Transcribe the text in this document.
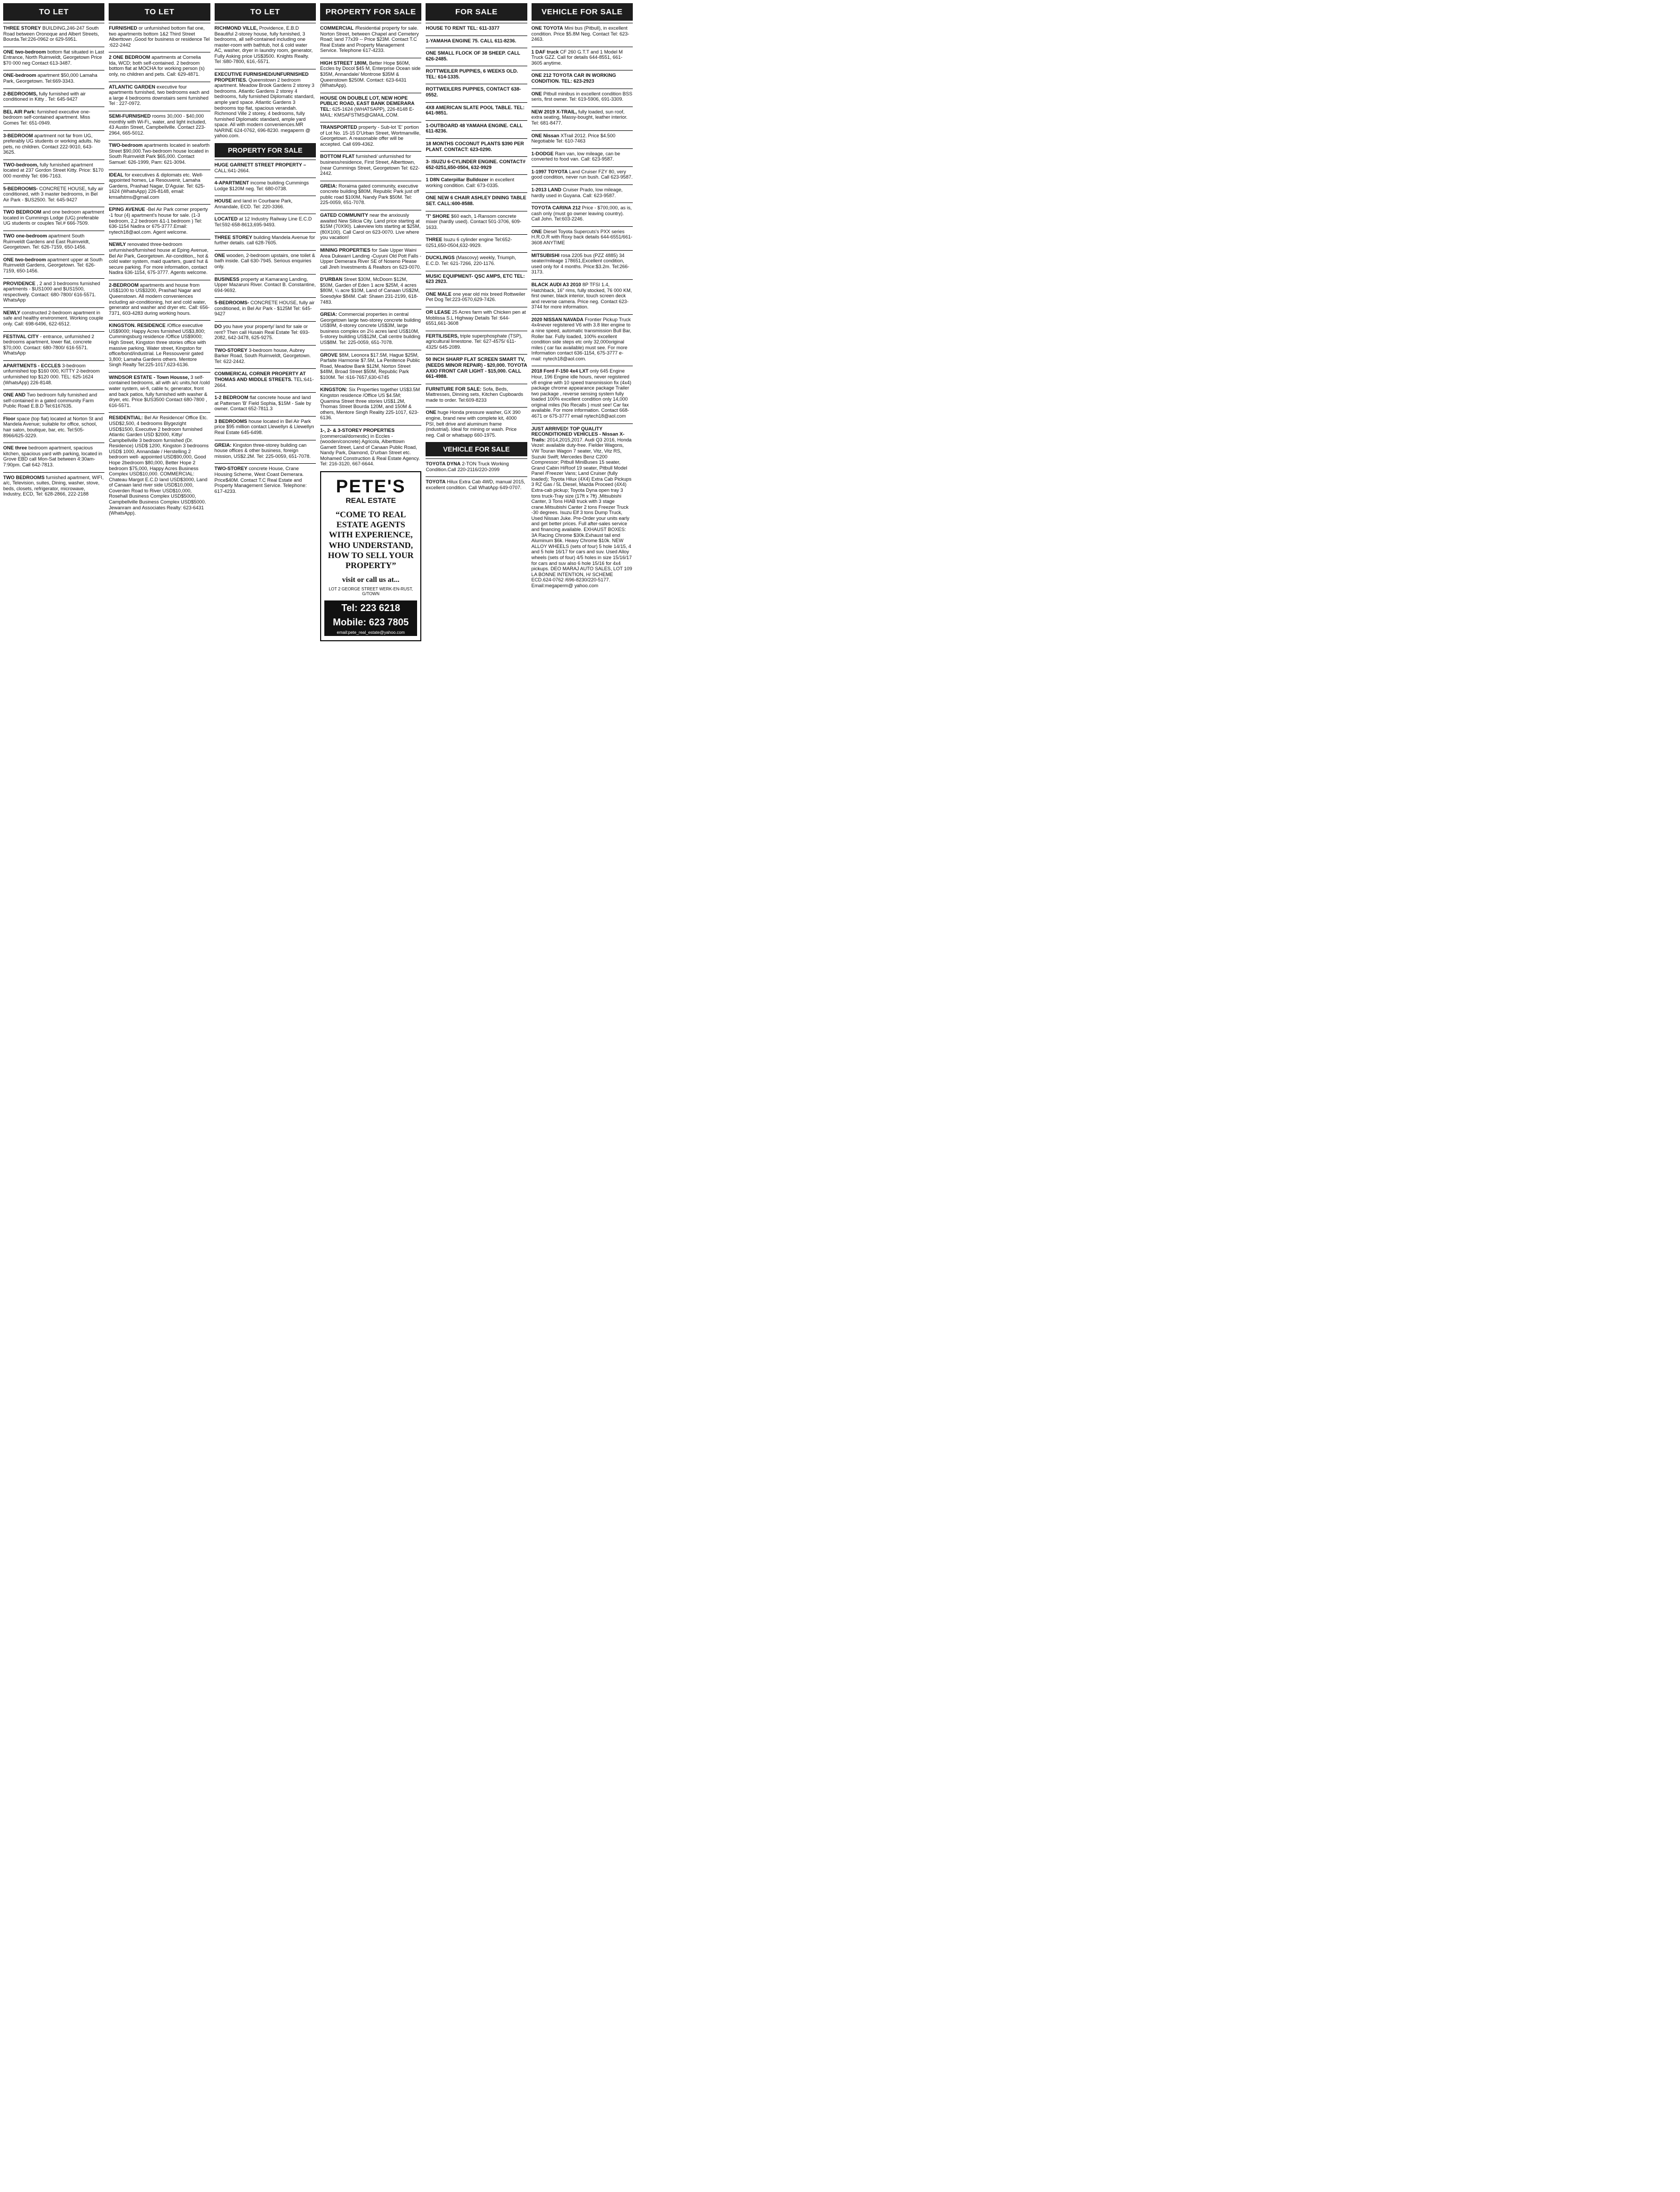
TO LET
THREE STOREY BUILDING,246-247 South Road between Oronoque and Albert Streets, Bourda.Tel:226-0962 or 629-5951.
ONE two-bedroom bottom flat situated in Last Entrance, North Ruimveldt, Georgetown Price $70 000 neg Contact 613-3487.
ONE-bedroom apartment $50,000 Lamaha Park, Georgetown. Tel:669-3343.
2-BEDROOMS, fully furnished with air conditioned in Kitty . Tel: 645-9427
BEL AIR Park: furnished executive one-bedroom self-contained apartment. Miss Gomes Tel: 651-0949.
3-BEDROOM apartment not far from UG, preferably UG students or working adults. No pets, no children. Contact 222-9010, 643-3625.
TWO-bedroom, fully furnished apartment located at 237 Gordon Street Kitty. Price: $170 000 monthly Tel: 696-7163.
5-BEDROOMS- CONCRETE HOUSE, fully air conditioned, with 3 master bedrooms, in Bel Air Park - $US2500. Tel: 645-9427
TWO BEDROOM and one bedroom apartment located in Cummings Lodge (UG) preferable UG students or couples Tel.# 666-7509.
TWO one-bedroom apartment South Ruimveldt Gardens and East Ruimveldt, Georgetown. Tel: 626-7159, 650-1456.
ONE two-bedroom apartment upper at South Ruimveldt Gardens, Georgetown. Tel: 626-7159, 650-1456.
PROVIDENCE , 2 and 3 bedrooms furnished apartments - $US1000 and $US1500, respectively. Contact: 680-7800/ 616-5571. WhatsApp
NEWLY constructed 2-bedroom apartment in safe and healthy environment. Working couple only. Call: 698-6496, 622-6512.
FESTIVAL CITY - entrance, unfurnished 2 bedrooms apartment, lower flat, concrete $70,000. Contact: 680-7800/ 616-5571. WhatsApp
APARTMENTS - ECCLES 3-bedroom unfurnished top $160 000, KITTY 2-bedroom unfurnished top $120 000. TEL: 625-1624 (WhatsApp) 226-8148.
ONE AND Two bedroom fully furnished and self-contained in a gated community Farm Public Road E.B.D Tel:6167635.
Floor space (top flat) located at Norton St and Mandela Avenue; suitable for office, school, hair salon, boutique, bar, etc. Tel:505-8966/625-3229.
ONE three bedroom apartment, spacious kitchen, spacious yard with parking, located in Grove EBD call Mon-Sat between 4:30am-7:90pm. Call 642-7813.
TWO BEDROOMS furnished apartment, WIFI, a/c, Television, suites, Dining, washer, stove, beds, closets, refrigerator, microwave, Industry, ECD, Tel: 628-2866, 222-2188
TO LET
FURNISHED or unfurnished bottom flat one, two apartments bottom 1&2 Third Street Alberttown ,Good for business or residence Tel :622-2442
2 ONE BEDROOM apartments at Cornelia Ida, WCD; both self-contained. 2 bedroom bottom flat at MOCHA for working person (s) only, no children and pets. Call: 629-4871.
ATLANTIC GARDEN executive four apartments furnished, two bedrooms each and a large 4 bedrooms downstairs semi furnished Tel : 227-0972.
SEMI-FURNISHED rooms 30,000 - $40,000 monthly with Wi-Fi,, water, and light included, 43 Austin Street, Campbellville. Contact 223-2964, 665-5012.
TWO-bedroom apartments located in seaforth Street $90,000.Two-bedroom house located in South Ruimveldt Park $65,000. Contact Samuel: 626-1999, Pam: 621-3094.
IDEAL for executives & diplomats etc. Well-appointed homes, Le Resouvenir, Lamaha Gardens, Prashad Nagar, D'Aguiar. Tel: 625-1624 (WhatsApp) 226-8148, email: kmsafstms@gmail.com
EPING AVENUE -Bel Air Park corner property -1 four (4) apartment's house for sale. (1-3 bedroom, 2,2 bedroom &1-1 bedroom ) Tel: 636-1154 Nadira or 675-3777.Email: nytech18@aol.com. Agent welcome.
NEWLY renovated three-bedroom unfurnished/furnished house at Eping Avenue, Bel Air Park, Georgetown. Air-condition,, hot & cold water system, maid quarters, guard hut & secure parking. For more information, contact Nadira 636-1154, 675-3777. Agents welcome.
2-BEDROOM apartments and house from US$1100 to US$3200, Prashad Nagar and Queenstown. All modern conveniences including air-conditioning, hot and cold water, generator and washer and dryer etc. Call: 656-7371, 603-4283 during working hours.
KINGSTON. RESIDENCE /Office executive US$9000; Happy Acres furnished US$3,800; Cummingsburg residence /Office US$9000; High Street, Kingston three stories office with massive parking. Water street, Kingston for office/bond/industrial. Le Ressouvenir gated 3,800; Lamaha Gardens others. Mentore Singh Realty Tel:225-1017,623-6136.
WINDSOR ESTATE - Town Housse, 3 self-contained bedrooms, all with a/c units,hot /cold water system, wi-fi, cable tv, generator, front and back patios, fully furnished with washer & dryer, etc. Price $US3500 Contact 680-7800 , 616-5571.
RESIDENTIAL: Bel Air Residence/ Office Etc. USD$2,500, 4 bedrooms Blygezight USD$1500, Executive 2 bedroom furnished Atlantic Garden USD $2000, Kitty/ Campbellville 3 bedroom furnished (Dr. Residence) USD$ 1200, Kingston 3 bedrooms USD$ 1000, Annandale / Herstelling 2 bedroom well- appointed USD$90,000, Good Hope 2bedroom $80,000, Better Hope 2 bedroom $75,000, Happy Acres Business Complex USD$10,000. COMMERCIAL: Chateau Margot E.C.D land USD$3000, Land of Canaan land river side USD$10,000, Coverden Road to River USD$10,000, Rosehall Business Complex USD$5000, Campbellville Business Complex USD$5000. Jewanram and Associates Realty: 623-6431 (WhatsApp).
TO LET
RICHMOND VILLE, Providence, E.B.D Beautiful 2-storey house, fully furnished, 3 bedrooms, all self-contained including one master-room with bathtub, hot & cold water AC, washer, dryer in laundry room, generator, Fully Asking price US$3500. Knights Realty. Tel :680-7800, 616,-5571.
EXECUTIVE FURNISHED/UNFURNISHED PROPERTIES. Queenstown 2 bedroom apartment. Meadow Brook Gardens 2 storey 3 bedrooms. Atlantic Gardens 2 storey 4 bedrooms, fully furnished Diplomatic standard, ample yard space. Atlantic Gardens 3 bedrooms top flat, spacious verandah. Richmond Ville 2 storey, 4 bedrooms, fully furnished Diplomatic standard, ample yard space. All with modern conveniences.MR NARINE 624-0762, 696-8230. megaperm @ yahoo.com.
PROPERTY FOR SALE
HUGE GARNETT STREET PROPERTY – CALL:641-2664.
4-APARTMENT income building Cummings Lodge $120M neg. Tel: 680-0738.
HOUSE and land in Courbane Park, Annandale, ECD. Tel: 220-3366.
LOCATED at 12 Industry Railway Line E.C.D Tel:592-658-8613,695-9493.
THREE STOREY building Mandela Avenue for further details. call 628-7605.
ONE wooden, 2-bedroom upstairs, one toilet & bath inside. Call 630-7945. Serious enquiries only.
BUSINESS property at Kamarang Landing, Upper Mazaruni River. Contact B. Constantine, 694-9692.
5-BEDROOMS- CONCRETE HOUSE, fully air conditioned, in Bel Air Park - $125M Tel: 645-9427
DO you have your property/ land for sale or rent? Then call Husain Real Estate Tel: 693-2082, 642-3478, 625-9275.
TWO-STOREY 3-bedroom house, Aubrey Barker Road, South Ruimveldt, Georgetown. Tel: 622-2442.
COMMERICAL CORNER PROPERTY AT THOMAS AND MIDDLE STREETS. TEL:641-2664.
1-2 BEDROOM flat concrete house and land at Pattersen 'B' Field Sophia, $15M - Sale by owner. Contact 652-7811.3
3 BEDROOMS house located in Bel Air Park price $95 million contact Llewellyn & Llewellyn Real Estate 645-6498.
GREIA: Kingston three-storey building can house offices & other business, foreign mission, US$2.2M. Tel: 225-0059, 651-7078.
TWO-STOREY concrete House, Crane Housing Scheme, West Coast Demerara. Price$40M. Contact T.C Real Estate and Property Management Service. Telephone: 617-4233.
PROPERTY FOR SALE
COMMERCIAL /Residential property for sale. Norton Street, between Chapel and Cemetery Road; land 77x39 -- Price $23M. Contact T.C Real Estate and Property Management Service. Telephone 617-4233.
HIGH STREET 180M, Better Hope $60M, Eccles by Docol $45 M, Enterprise Ocean side $35M, Annandale/ Montrose $35M & Queenstown $250M. Contact: 623-6431 (WhatsApp).
HOUSE ON DOUBLE LOT, NEW HOPE PUBLIC ROAD, EAST BANK DEMERARA TEL: 625-1624 (WHATSAPP), 226-8148 E-MAIL: KMSAFSTMS@GMAIL.COM.
TRANSPORTED property - Sub-lot 'E' portion of Lot No. 15-15 D'Urban Street, Wortmanville, Georgetown. A reasonable offer will be accepted. Call 699-4362.
BOTTOM FLAT furnished/ unfurnished for business/residence, First Street, Alberttown, (near Cummings Street, Georgetown Tel: 622-2442.
GREIA: Roraima gated community, executive concrete building $80M, Republic Park just off public road $100M, Nandy Park $50M. Tel: 225-0059, 651-7078.
GATED COMMUNITY near the anxiously awaited New Silicia City. Land price starting at $15M (70X90). Lakeview lots starting at $25M, (80X100). Call Carol on 623-0070. Live where you vacation!
MINING PROPERTIES for Sale Upper Waini Area Dukwarri Landing -Cuyuni Old Pott Falls - Upper Demerara River SE of Noseno Please call Jireh Investments & Realtors on 623-0070.
D'URBAN Street $30M, McDoom $12M, $50M, Garden of Eden 1 acre $25M, 4 acres $80M, ¼ acre $10M, Land of Canaan US$2M, Soesdyke $84M. Call: Shawn 231-2199, 618-7483.
GREIA: Commercial properties in central Georgetown large two-storey concrete building US$9M, 4-storey concrete US$3M, large business complex on 2½ acres land US$10M, 5-storey building US$12M, Call centre building US$8M. Tel: 225-0059, 651-7078.
GROVE $8M, Leonora $17.5M, Hague $25M, Parfaite Harmonie $7.5M, La Penitence Public Road, Meadow Bank $12M, Norton Street $48M, Broad Street $50M, Republic Park $100M. Tel :616-7657,630-6745
KINGSTON: Six Properties together US$3.5M Kingston residence /Office US $4.5M; Quamina Street three stories US$1.2M, Thomas Street Bourda 120M, and 150M & others, Mentore Singh Reality 225-1017, 623-6136.
1-, 2- & 3-STOREY PROPERTIES (commercial/domestic) in Eccles - (wooden/concrete) Agricola, Alberttown Garnett Street, Land of Canaan Public Road, Nandy Park, Diamond, D'urban Street etc. Mohamed Construction & Real Estate Agency. Tel: 216-3120, 667-6644.
PETE'S
REAL ESTATE
“COME TO REAL ESTATE AGENTS WITH EXPERIENCE, WHO UNDERSTAND, HOW TO SELL YOUR PROPERTY”
visit or call us at...
LOT 2 GEORGE STREET WERK-EN-RUST, G/TOWN
Tel: 223 6218
Mobile: 623 7805
email:pete_real_estate@yahoo.com
FOR SALE
HOUSE TO RENT TEL: 611-3377
1-YAMAHA ENGINE 75. CALL 611-8236.
ONE SMALL FLOCK OF 38 SHEEP. CALL 626-2485.
ROTTWEILER PUPPIES, 6 WEEKS OLD. TEL: 614-1335.
ROTTWEILERS PUPPIES, CONTACT 638-0552.
4X8 AMERICAN SLATE POOL TABLE. TEL: 641-9851.
1-OUTBOARD 48 YAMAHA ENGINE. CALL 611-8236.
18 MONTHS COCONUT PLANTS $390 PER PLANT. CONTACT: 623-0290.
3- ISUZU 6-CYLINDER ENGINE. CONTACT# 652-0251,650-0504, 632-9929
1 D8N Caterpillar Bulldozer in excellent working condition. Call: 673-0335.
ONE NEW 6 CHAIR ASHLEY DINING TABLE SET. CALL:600-8588.
'T' SHORE $60 each, 1-Ransom concrete mixer (hardly used). Contact 501-3706, 609-1633.
THREE Isuzu 6 cylinder engine Tel:652-0251,650-0504,632-9929.
DUCKLINGS (Mascovy) weekly, Triumph, E.C.D. Tel: 621-7266, 220-1176.
MUSIC EQUIPMENT- QSC AMPS, ETC TEL: 623 2923.
ONE MALE one year old mix breed Rottweiler Pet Dog Tel:223-0570,629-7426.
OR LEASE 25 Acres farm with Chicken pen at Moblissa S.L Highway Details Tel :644-6551,661-3608
FERTILISERS, triple superphosphate (TSP), agricultural limestone. Tel: 627-4575/ 611-4325/ 645-2089.
50 INCH SHARP FLAT SCREEN SMART TV, (NEEDS MINOR REPAIR) - $20,000. TOYOTA AXIO FRONT CAR LIGHT - $15,000. CALL 661-4988.
FURNITURE FOR SALE: Sofa, Beds, Mattresses, Dinning sets, Kitchen Cupboards made to order. Tel:609-8233
ONE huge Honda pressure washer, GX 390 engine, brand new with complete kit, 4000 PSI, belt drive and aluminum frame (industrial). Ideal for mining or wash. Price neg. Call or whatsapp 660-1975.
VEHICLE FOR SALE
TOYOTA DYNA 2-TON Truck Working Condition.Call 220-2116/220-2099
TOYOTA Hilux Extra Cab 4WD, manual 2015, excellent condition. Call WhatApp 649-0707.
VEHICLE FOR SALE
ONE TOYOTA Mini bus (Pitbull), in excellent condition. Price $5.8M Neg. Contact Tel: 623-2463.
1 DAF truck CF 260 G.T.T and 1 Model M Truck GZZ. Call for details 644-8551, 661-3605 anytime.
ONE 212 TOYOTA CAR IN WORKING CONDITION. TEL: 623-2923
ONE Pitbull minibus in excellent condition BSS seris, first owner. Tel: 619-5906, 691-3309.
NEW 2019 X-TRAIL, fully loaded, sun roof, extra seating, Massy-bought, leather interior. Tel: 681-8477.
ONE Nissan XTrail 2012. Price $4.500 Negotiable Tel: 610-7463
1-DODGE Ram van, low mileage, can be converted to food van. Call: 623-9587.
1-1997 TOYOTA Land Cruiser FZY 80, very good condition, never run bush. Call 623-9587.
1-2013 LAND Cruiser Prado, low mileage, hardly used in Guyana. Call: 623-9587.
TOYOTA CARINA 212 Price - $700,000, as is, cash only (must go owner leaving country). Call John. Tel:603-2246.
ONE Diesel Toyota Supercuts's PXX series H.R.O.R with Roxy back details 644-6551/661-3608 ANYTIME
MITSUBISHI rosa 2205 bus (PZZ 4885) 34 seater/mileage 178651,Excellent condition, used only for 4 months. Price:$3.2m. Tel:266-3173.
BLACK AUDI A3 2010 8P TFSI 1.4, Hatchback, 16" rims, fully stocked, 76 000 KM, first owner, black interior, touch screen deck and reverse camera. Price neg. Contact 623-3744 for more information.
2020 NISSAN NAVADA Frontier Pickup Truck 4x4never registered V6 with 3.8 liter engine to a nine speed, automatic transmission Bull Bar, Roller bar. Fully loaded, 100% excellent condition side steps etc only 32,000original miles ( car fax available) must see. For more Information contact 636-1154, 675-3777 e-mail: nytech18@aol.com.
2018 Ford F-150 4x4 LXT only 645 Engine Hour, 196 Engine idle hours, never registered v8 engine with 10 speed transmission fix (4x4) package chrome appearance package Trailer two package , reverse sensing system fully loaded 100% excellent condition only 14,000 original miles (No Recalls ) must see! Car fax available. For more information. Contact 668-4671 or 675-3777 email nytech18@aol.com
JUST ARRIVED! TOP QUALITY RECONDITIONED VEHICLES - Nissan X-Trails: 2014,2015,2017. Audi Q3 2016, Honda Vezel: available duty-free. Fielder Wagons, VW Touran Wagon 7 seater, Vitz, Vitz RS, Suzuki Swift; Mercedes Benz C200 Compressor; Pitbull MiniBuses 15 seater, Grand Cabin HiRoof 19 seater, Pitbull Model Panel /Freezer Vans; Land Cruiser (fully loaded); Toyota Hilux (4X4) Extra Cab Pickups 3 RZ Gas / 5L Diesel, Mazda Proceed (4X4) Extra-cab pickup; Toyota Dyna open tray 3 tons truck-Tray size (17ft x 7ft) ,Mitsubishi Canter, 3 Tons HIAB truck with 3 stage crane.Mitsubishi Canter 2 tons Freezer Truck -30 degrees. Isuzu Elf 3 tons Dump Truck, Used Nissan Juke. Pre-Order your units early and get better prices. Full after-sales service and financing available. EXHAUST BOXES: 3A Racing Chrome $30k.Exhaust tail end Aluminum $6k. Heavy Chrome $10k. NEW ALLOY WHEELS (sets of four) 5 hole 14/15, 4 and 5 hole 16/17 for cars and suv. Used Alloy wheels (sets of four) 4/5 holes in size 15/16/17 for cars and suv also 6 hole 15/16 for 4x4 pickups. DEO MARAJ AUTO SALES, LOT 109 LA BONNE INTENTION, H/ SCHEME ECD.624-0762 /696-8230/220-5177. Email:megaperm@ yahoo.com
